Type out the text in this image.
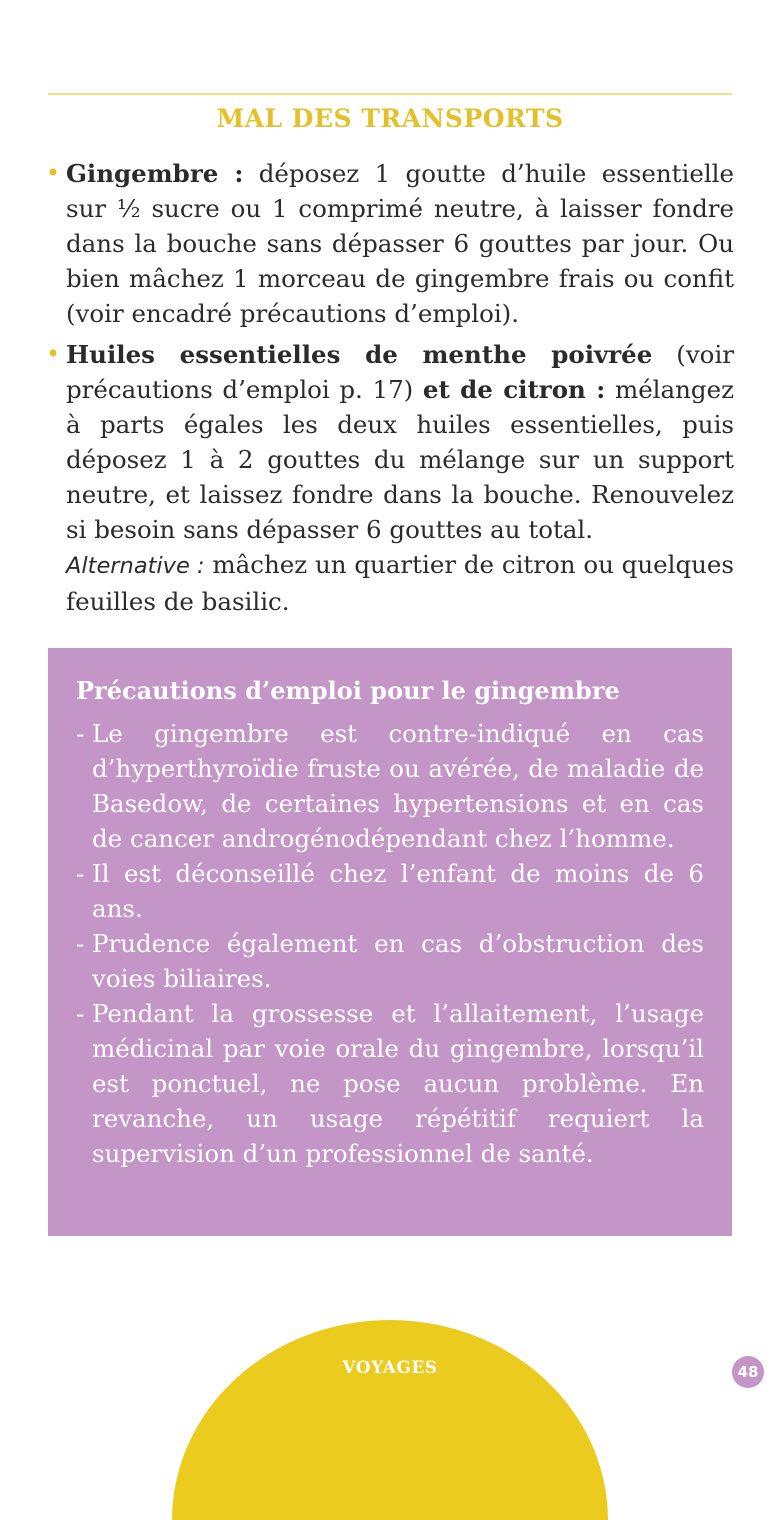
MAL DES TRANSPORTS
• Gingembre : déposez 1 goutte d’huile essentielle sur ½ sucre ou 1 comprimé neutre, à laisser fondre dans la bouche sans dépasser 6 gouttes par jour. Ou bien mâchez 1 morceau de gingembre frais ou confit (voir encadré précautions d’emploi).
• Huiles essentielles de menthe poivrée (voir précautions d’emploi p. 17) et de citron : mélangez à parts égales les deux huiles essentielles, puis déposez 1 à 2 gouttes du mélange sur un support neutre, et laissez fondre dans la bouche. Renouvelez si besoin sans dépasser 6 gouttes au total.
Alternative : mâchez un quartier de citron ou quelques feuilles de basilic.
Précautions d’emploi pour le gingembre
- Le gingembre est contre-indiqué en cas d’hyperthyroïdie fruste ou avérée, de maladie de Basedow, de certaines hypertensions et en cas de cancer androgénodépendant chez l’homme.
- Il est déconseillé chez l’enfant de moins de 6 ans.
- Prudence également en cas d’obstruction des voies biliaires.
- Pendant la grossesse et l’allaitement, l’usage médicinal par voie orale du gingembre, lorsqu’il est ponctuel, ne pose aucun problème. En revanche, un usage répétitif requiert la supervision d’un professionnel de santé.
VOYAGES	48
